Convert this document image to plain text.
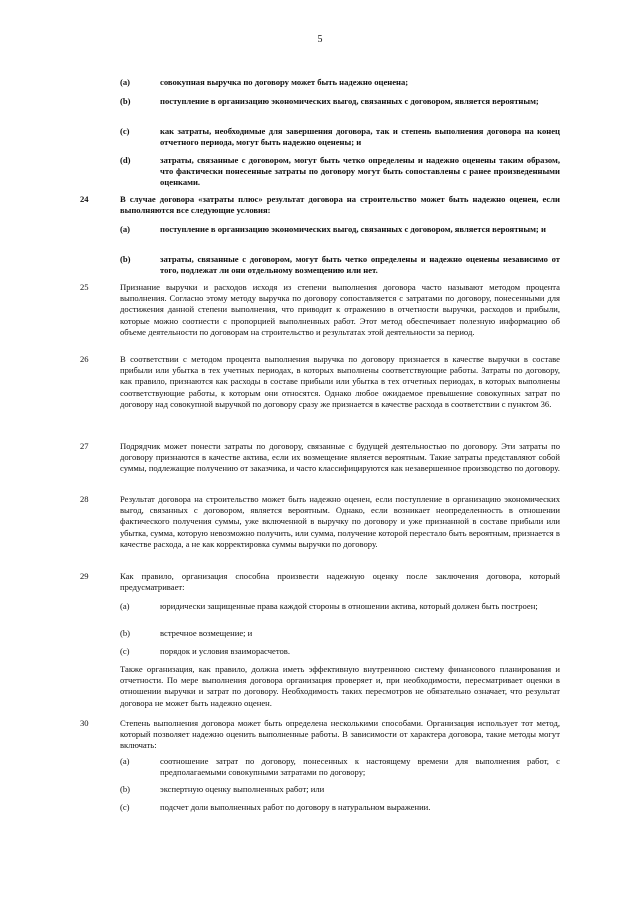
5
(a)	совокупная выручка по договору может быть надежно оценена;
(b)	поступление в организацию экономических выгод, связанных с договором, является вероятным;
(c)	как затраты, необходимые для завершения договора, так и степень выполнения договора на конец отчетного периода, могут быть надежно оценены; и
(d)	затраты, связанные с договором, могут быть четко определены и надежно оценены таким образом, что фактически понесенные затраты по договору могут быть сопоставлены с ранее произведенными оценками.
24	В случае договора «затраты плюс» результат договора на строительство может быть надежно оценен, если выполняются все следующие условия:
(a)	поступление в организацию экономических выгод, связанных с договором, является вероятным; и
(b)	затраты, связанные с договором, могут быть четко определены и надежно оценены независимо от того, подлежат ли они отдельному возмещению или нет.
25	Признание выручки и расходов исходя из степени выполнения договора часто называют методом процента выполнения. Согласно этому методу выручка по договору сопоставляется с затратами по договору, понесенными для достижения данной степени выполнения, что приводит к отражению в отчетности выручки, расходов и прибыли, которые можно соотнести с пропорцией выполненных работ. Этот метод обеспечивает полезную информацию об объеме деятельности по договорам на строительство и результатах этой деятельности за период.
26	В соответствии с методом процента выполнения выручка по договору признается в качестве выручки в составе прибыли или убытка в тех учетных периодах, в которых выполнены соответствующие работы. Затраты по договору, как правило, признаются как расходы в составе прибыли или убытка в тех отчетных периодах, в которых выполнены соответствующие работы, к которым они относятся. Однако любое ожидаемое превышение совокупных затрат по договору над совокупной выручкой по договору сразу же признается в качестве расхода в соответствии с пунктом 36.
27	Подрядчик может понести затраты по договору, связанные с будущей деятельностью по договору. Эти затраты по договору признаются в качестве актива, если их возмещение является вероятным. Такие затраты представляют собой суммы, подлежащие получению от заказчика, и часто классифицируются как незавершенное производство по договору.
28	Результат договора на строительство может быть надежно оценен, если поступление в организацию экономических выгод, связанных с договором, является вероятным. Однако, если возникает неопределенность в отношении фактического получения суммы, уже включенной в выручку по договору и уже признанной в составе прибыли или убытка, сумма, которую невозможно получить, или сумма, получение которой перестало быть вероятным, признается в качестве расхода, а не как корректировка суммы выручки по договору.
29	Как правило, организация способна произвести надежную оценку после заключения договора, который предусматривает:
(a)	юридически защищенные права каждой стороны в отношении актива, который должен быть построен;
(b)	встречное возмещение; и
(c)	порядок и условия взаиморасчетов.
Также организация, как правило, должна иметь эффективную внутреннюю систему финансового планирования и отчетности. По мере выполнения договора организация проверяет и, при необходимости, пересматривает оценки в отношении выручки и затрат по договору. Необходимость таких пересмотров не обязательно означает, что результат договора не может быть надежно оценен.
30	Степень выполнения договора может быть определена несколькими способами. Организация использует тот метод, который позволяет надежно оценить выполненные работы. В зависимости от характера договора, такие методы могут включать:
(a)	соотношение затрат по договору, понесенных к настоящему времени для выполнения работ, с предполагаемыми совокупными затратами по договору;
(b)	экспертную оценку выполненных работ; или
(c)	подсчет доли выполненных работ по договору в натуральном выражении.
